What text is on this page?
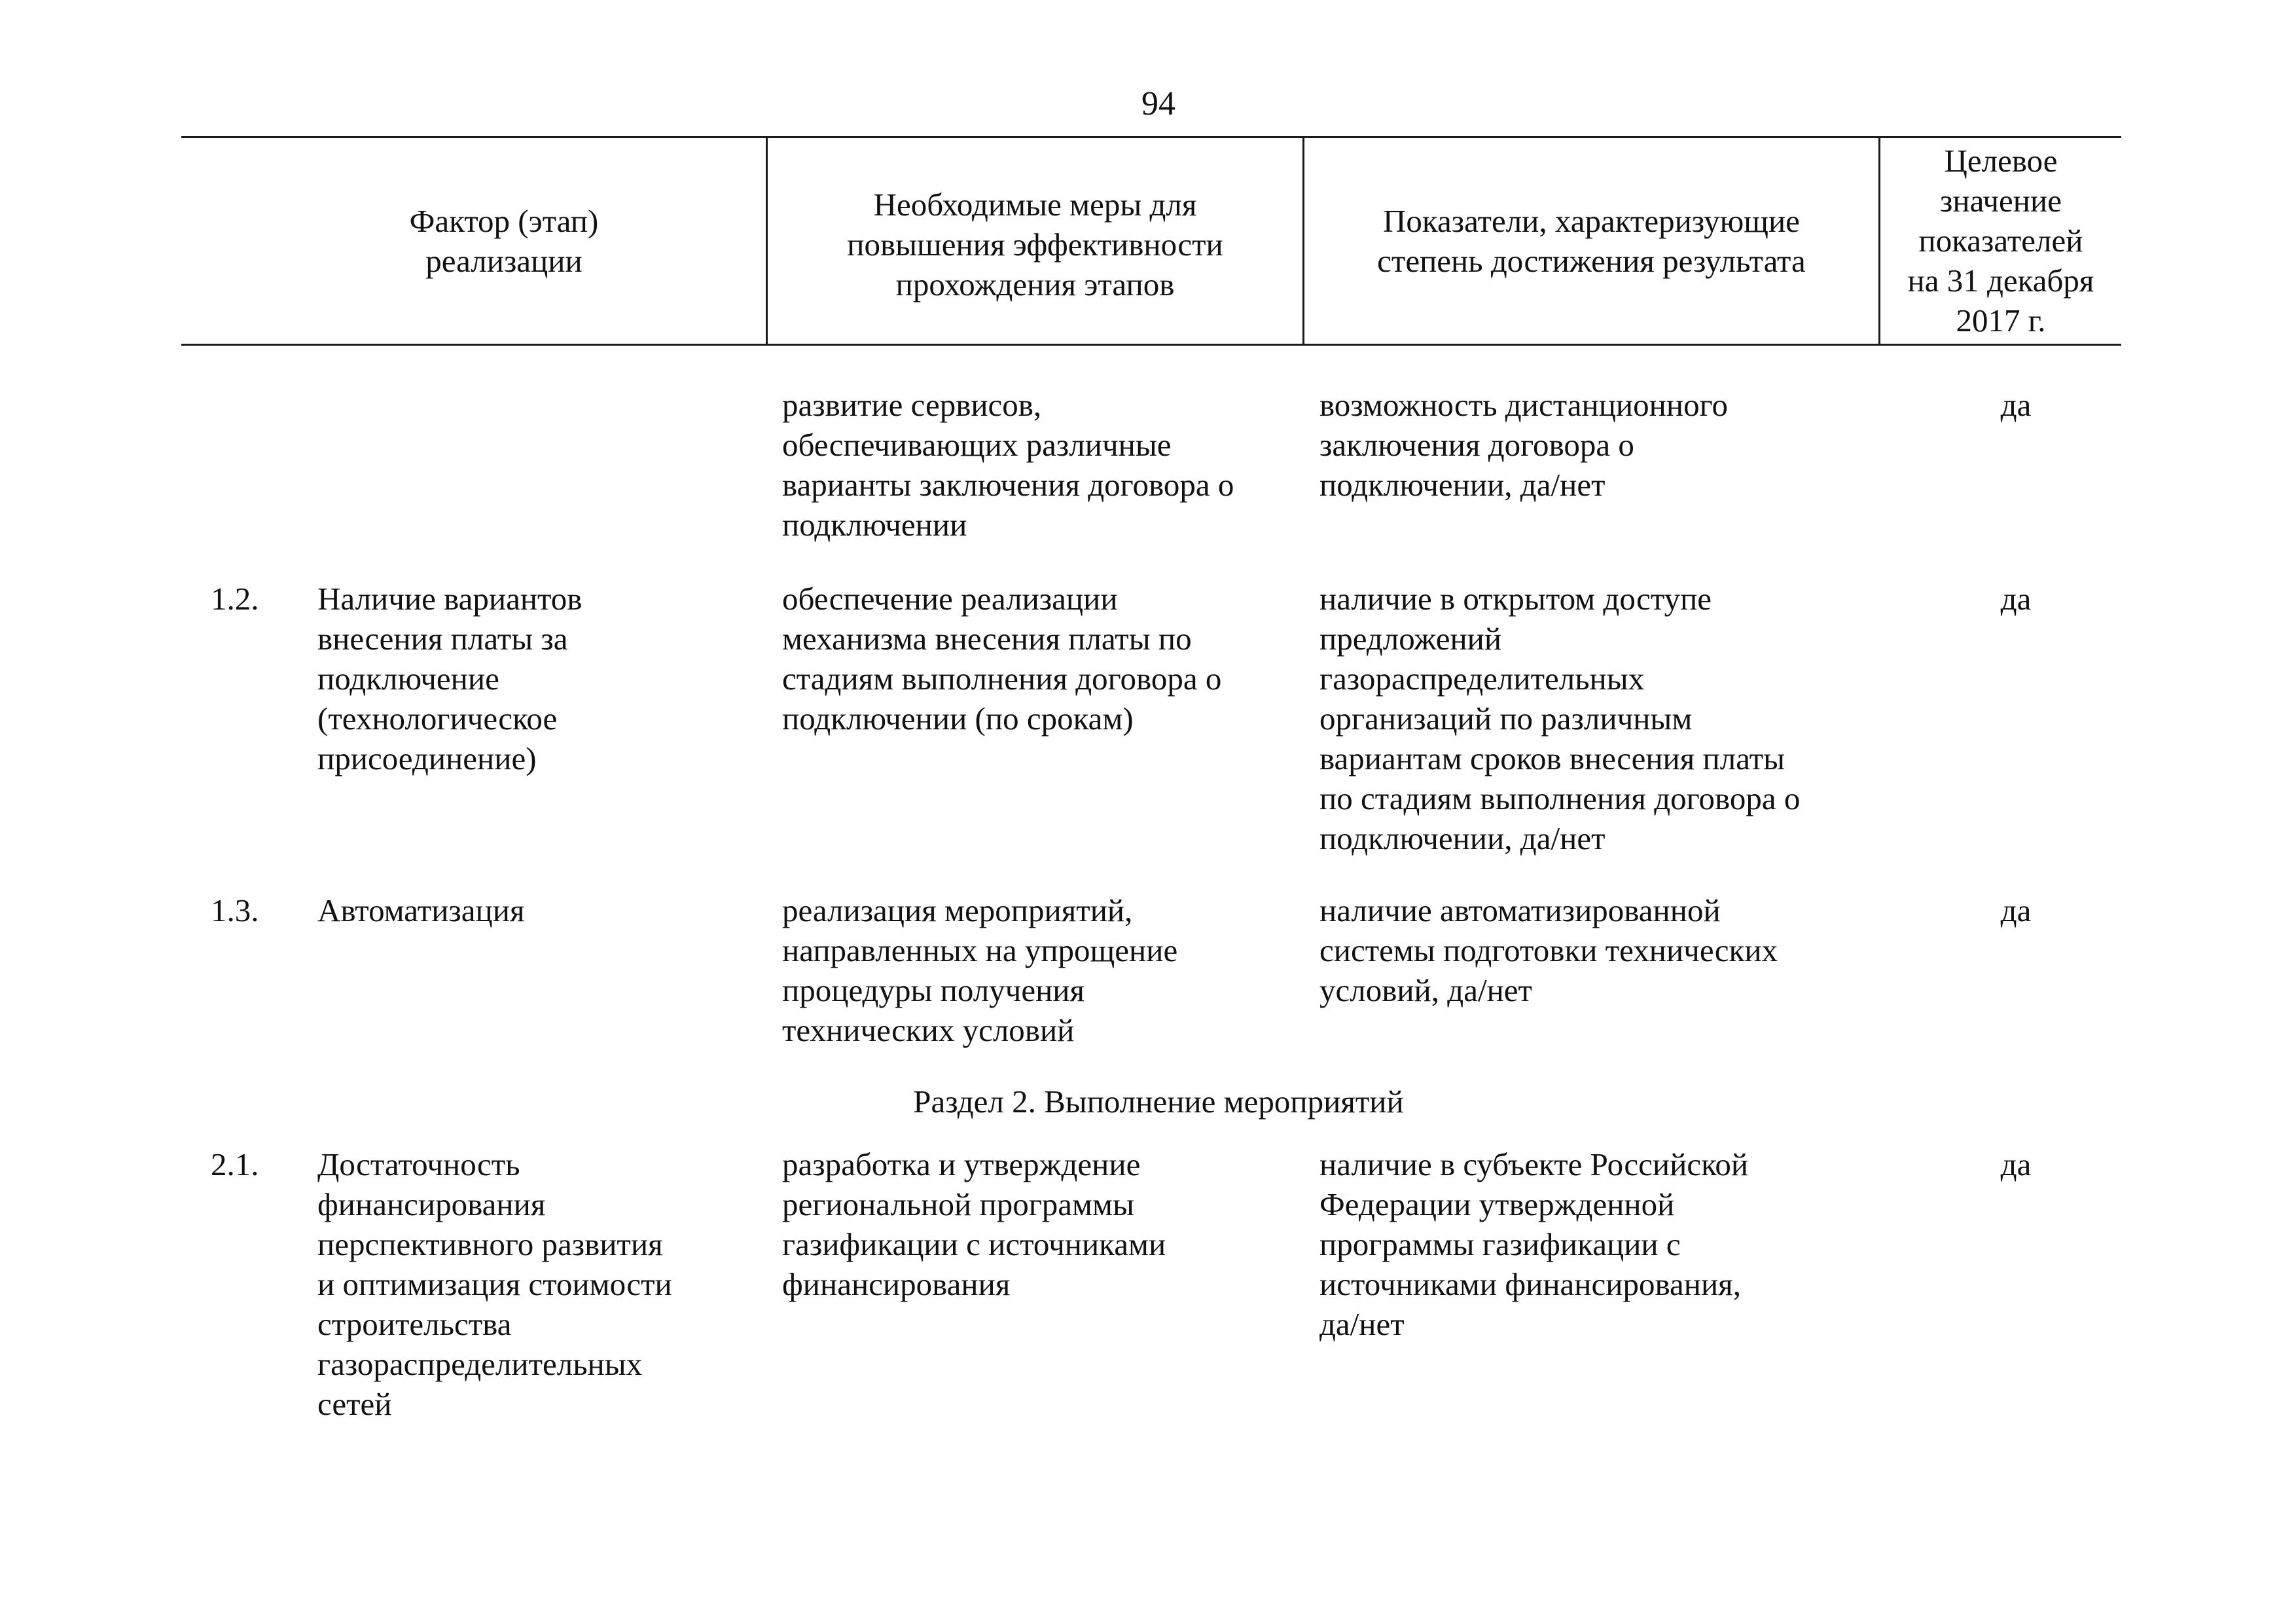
94
Фактор (этап)
реализации
Необходимые меры для
повышения эффективности
прохождения этапов
Показатели, характеризующие
степень достижения результата
Целевое
значение
показателей
на 31 декабря
2017 г.
развитие сервисов,
обеспечивающих различные
варианты заключения договора о
подключении
возможность дистанционного
заключения договора о
подключении, да/нет
да
1.2. Наличие вариантов
внесения платы за
подключение
(технологическое
присоединение)
обеспечение реализации
механизма внесения платы по
стадиям выполнения договора о
подключении (по срокам)
наличие в открытом доступе
предложений
газораспределительных
организаций по различным
вариантам сроков внесения платы
по стадиям выполнения договора о
подключении, да/нет
да
1.3. Автоматизация	реализация мероприятий,
направленных на упрощение
процедуры получения
технических условий
наличие автоматизированной
системы подготовки технических
условий, да/нет
да
Раздел 2. Выполнение мероприятий
2.1. Достаточность
финансирования
перспективного развития
и оптимизация стоимости
строительства
газораспределительных
сетей
разработка и утверждение
региональной программы
газификации с источниками
финансирования
наличие в субъекте Российской
Федерации утвержденной
программы газификации с
источниками финансирования,
да/нет
да
